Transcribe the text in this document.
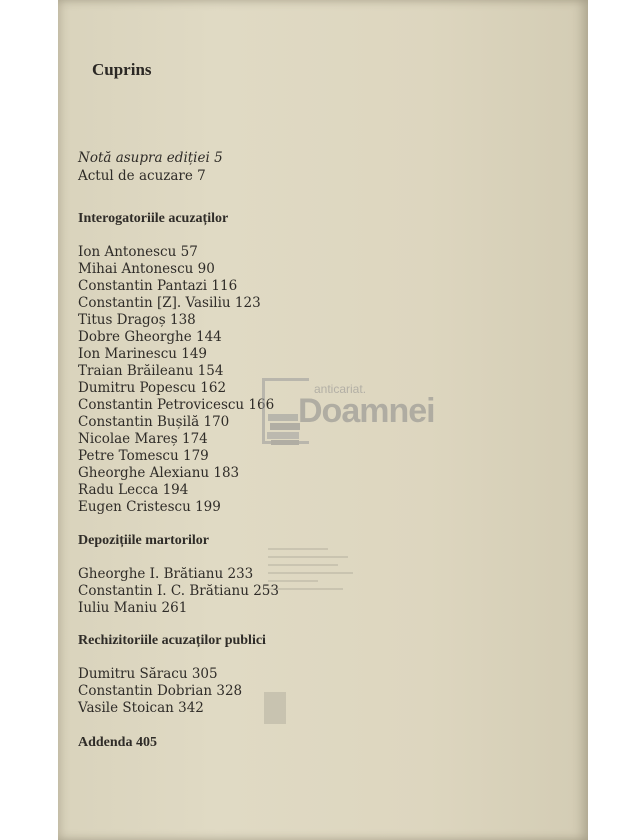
Cuprins
Notă asupra ediției 5
Actul de acuzare 7
Interogatoriile acuzaților
Ion Antonescu 57
Mihai Antonescu 90
Constantin Pantazi 116
Constantin [Z]. Vasiliu 123
Titus Dragoș 138
Dobre Gheorghe 144
Ion Marinescu 149
Traian Brăileanu 154
Dumitru Popescu 162
Constantin Petrovicescu 166
Constantin Bușilă 170
Nicolae Mareș 174
Petre Tomescu 179
Gheorghe Alexianu 183
Radu Lecca 194
Eugen Cristescu 199
Depozițiile martorilor
Gheorghe I. Brătianu 233
Constantin I. C. Brătianu 253
Iuliu Maniu 261
Rechizitoriile acuzaților publici
Dumitru Săracu 305
Constantin Dobrian 328
Vasile Stoican 342
Addenda 405
anticariat.
Doamnei
